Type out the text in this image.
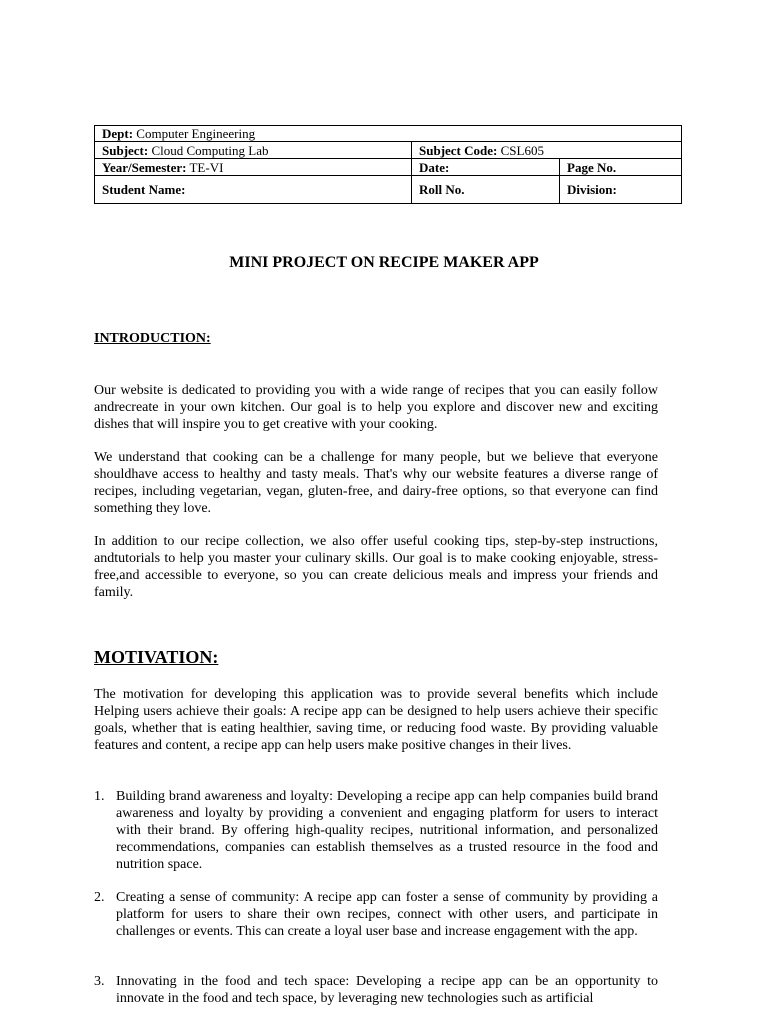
Dept: Computer Engineering		
Subject: Cloud Computing Lab	Subject Code: CSL605	
Year/Semester: TE-VI	Date:	Page No.
Student Name:	Roll No.	Division:
MINI PROJECT ON RECIPE MAKER APP
INTRODUCTION:

Our website is dedicated to providing you with a wide range of recipes that you can easily follow andrecreate in your own kitchen. Our goal is to help you explore and discover new and exciting dishes that will inspire you to get creative with your cooking.

We understand that cooking can be a challenge for many people, but we believe that everyone shouldhave access to healthy and tasty meals. That's why our website features a diverse range of recipes, including vegetarian, vegan, gluten-free, and dairy-free options, so that everyone can find something they love.

In addition to our recipe collection, we also offer useful cooking tips, step-by-step instructions, andtutorials to help you master your culinary skills. Our goal is to make cooking enjoyable, stress-free,and accessible to everyone, so you can create delicious meals and impress your friends and family.

MOTIVATION:

The motivation for developing this application was to provide several benefits which include Helping users achieve their goals: A recipe app can be designed to help users achieve their specific goals, whether that is eating healthier, saving time, or reducing food waste. By providing valuable features and content, a recipe app can help users make positive changes in their lives.

1. Building brand awareness and loyalty: Developing a recipe app can help companies build brand awareness and loyalty by providing a convenient and engaging platform for users to interact with their brand. By offering high-quality recipes, nutritional information, and personalized recommendations, companies can establish themselves as a trusted resource in the food and nutrition space.
2. Creating a sense of community: A recipe app can foster a sense of community by providing a platform for users to share their own recipes, connect with other users, and participate in challenges or events. This can create a loyal user base and increase engagement with the app.
3. Innovating in the food and tech space: Developing a recipe app can be an opportunity to innovate in the food and tech space, by leveraging new technologies such as artificial
